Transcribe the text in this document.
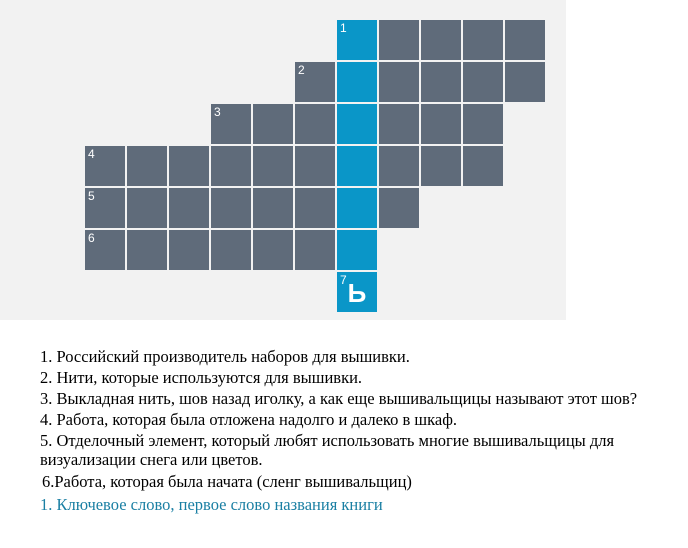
1
2
3
4
5
6
7 Ь
1. Российский производитель наборов для вышивки.
2. Нити, которые используются для вышивки.
3. Выкладная нить, шов назад иголку, а как еще вышивальщицы называют этот шов?
4. Работа, которая была отложена надолго и далеко в шкаф.
5. Отделочный элемент, который любят использовать многие вышивальщицы для визуализации снега или цветов.
6.Работа, которая была начата (сленг вышивальщиц)
1. Ключевое слово, первое слово названия книги
